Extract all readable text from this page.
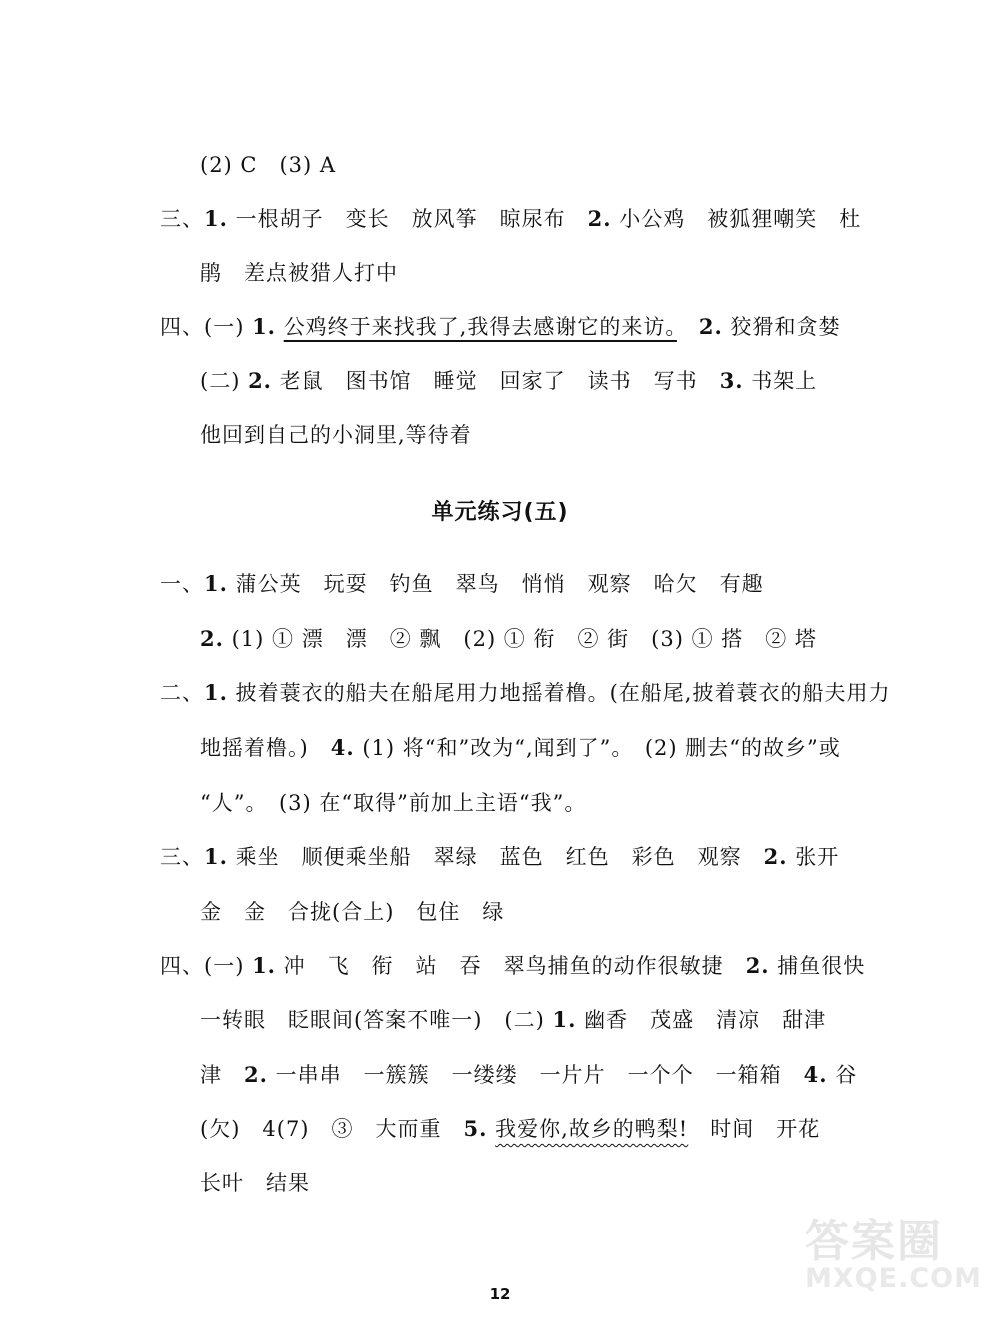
(2) C　(3) A
三、1. 一根胡子　变长　放风筝　晾尿布　2. 小公鸡　被狐狸嘲笑　杜
鹃　差点被猎人打中
四、(一) 1. 公鸡终于来找我了,我得去感谢它的来访。　 2. 狡猾和贪婪
(二) 2. 老鼠　图书馆　睡觉　回家了　读书　写书　3. 书架上
他回到自己的小洞里,等待着
单元练习(五)
一、1. 蒲公英　玩耍　钓鱼　翠鸟　悄悄　观察　哈欠　有趣
2. (1) ① 漂　漂　② 飘　(2) ① 衔　② 街　(3) ① 搭　② 塔
二、1. 披着蓑衣的船夫在船尾用力地摇着橹。(在船尾,披着蓑衣的船夫用力
地摇着橹。)　4. (1) 将“和”改为“,闻到了”。　(2) 删去“的故乡”或
“人”。　(3) 在“取得”前加上主语“我”。
三、1. 乘坐　顺便乘坐船　翠绿　蓝色　红色　彩色　观察　2. 张开
金　金　合拢(合上)　包住　绿
四、(一) 1. 冲　飞　衔　站　吞　翠鸟捕鱼的动作很敏捷　2. 捕鱼很快
一转眼　眨眼间(答案不唯一)　(二) 1. 幽香　茂盛　清凉　甜津
津　2. 一串串　一簇簇　一缕缕　一片片　一个个　一箱箱　4. 谷
(欠)　4(7)　③　大而重　5. 我爱你,故乡的鸭梨!　时间　开花
长叶　结果
12
答案圈
MXQE.COM
